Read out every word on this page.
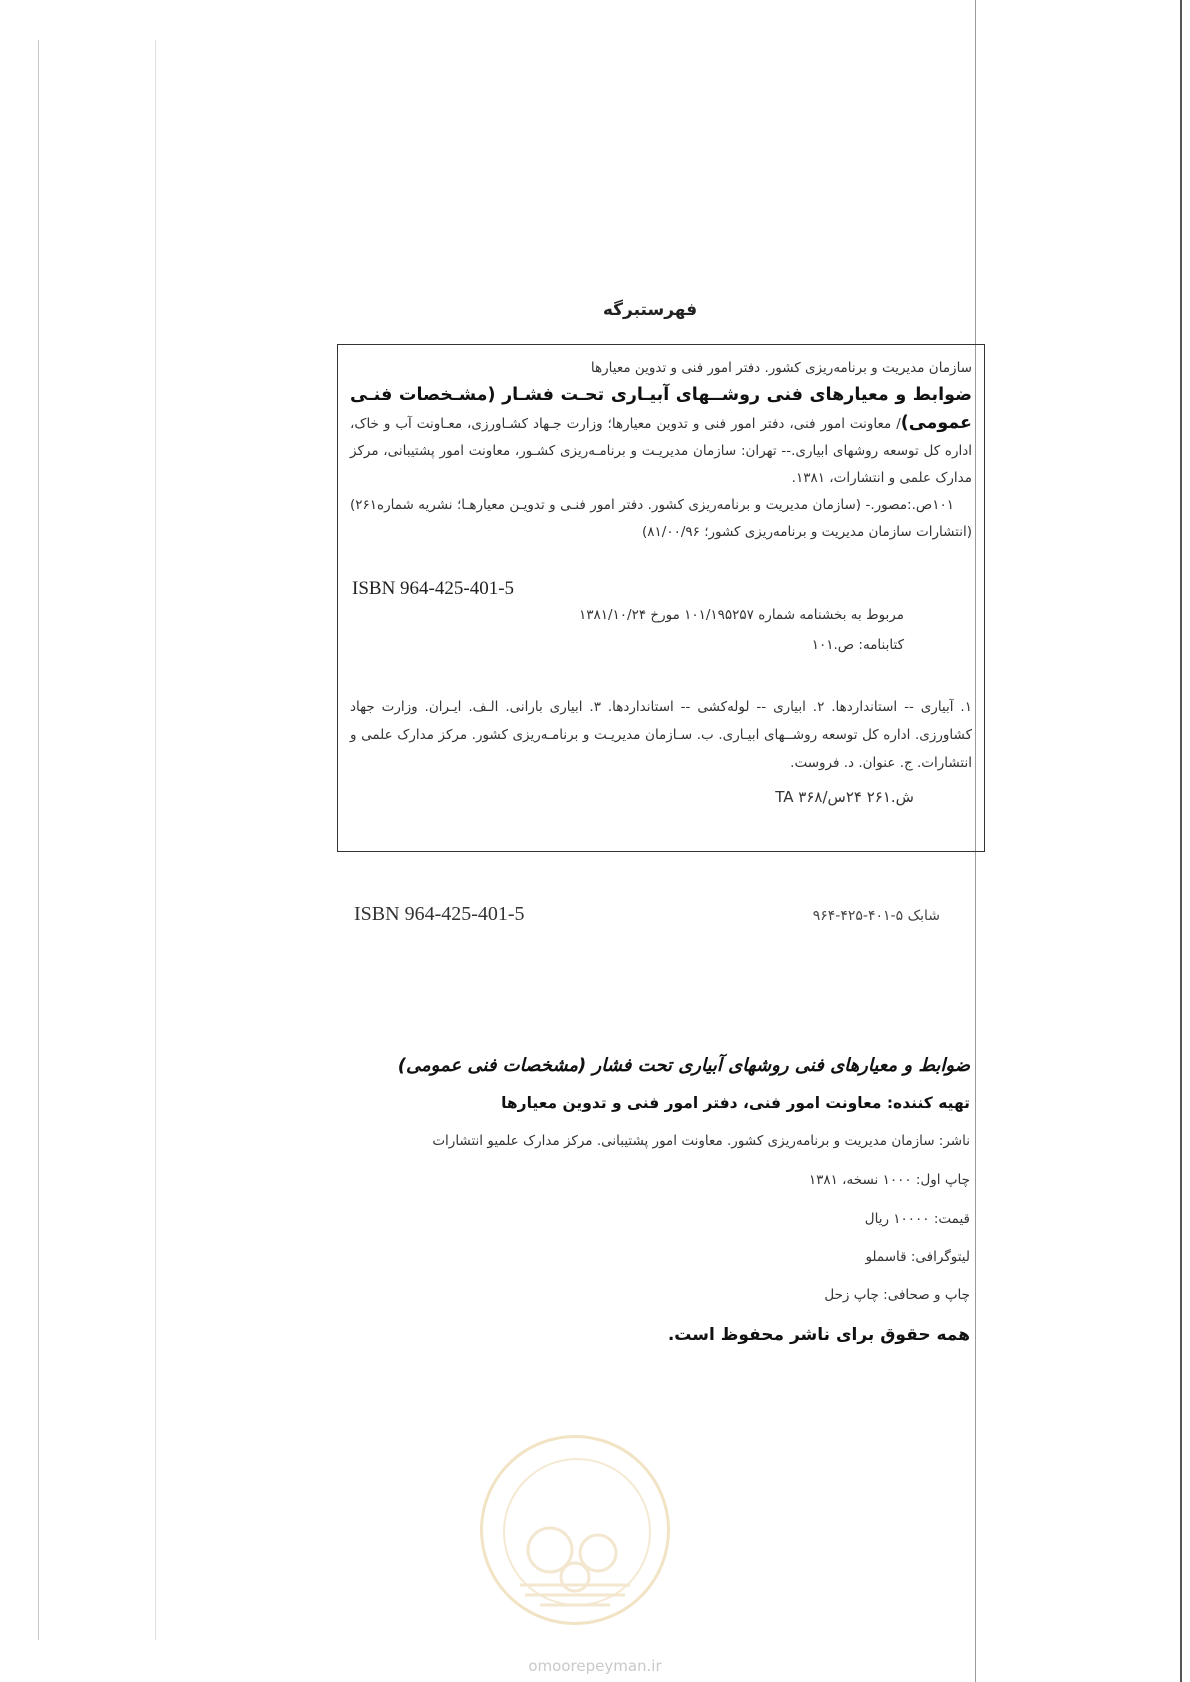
فهرستبرگه
سازمان مدیریت و برنامه‌ریزی کشور. دفتر امور فنی و تدوین معیارها
ضوابط و معیارهای فنی روشــهای آبیـاری تحـت فشـار (مشـخصات فنـی عمومی)/ معاونت امور فنی، دفتر امور فنی و تدوین معیارها؛ وزارت جـهاد کشـاورزی، معـاونت آب و خاک، اداره کل توسعه روشهای ابیاری.-- تهران: سازمان مدیریـت و برنامـه‌ریزی کشـور، معاونت امور پشتیبانی، مرکز مدارک علمی و انتشارات، ۱۳۸۱.
۱۰۱ص.:مصور.- (سازمان مدیریت و برنامه‌ریزی کشور. دفتر امور فنـی و تدویـن معیارهـا؛ نشریه شماره۲۶۱) (انتشارات سازمان مدیریت و برنامه‌ریزی کشور؛ ۸۱/۰۰/۹۶)
ISBN 964-425-401-5
مربوط به بخشنامه شماره ۱۰۱/۱۹۵۲۵۷ مورخ ۱۳۸۱/۱۰/۲۴
کتابنامه: ص.۱۰۱
۱. آبیاری -- استانداردها. ۲. ابیاری -- لوله‌کشی -- استانداردها. ۳. ابیاری بارانی. الـف. ایـران. وزارت جهاد کشاورزی. اداره کل توسعه روشــهای ابیـاری. ب. سـازمان مدیریـت و برنامـه‌ریزی کشور. مرکز مدارک علمی و انتشارات. ج. عنوان. د. فروست.
ش.۲۶۱ ۲۴س/۳۶۸ TA
ISBN 964-425-401-5	شابک ۵-۴۰۱-۴۲۵-۹۶۴
ضوابط و معیارهای فنی روشهای آبیاری تحت فشار (مشخصات فنی عمومی)
تهیه کننده: معاونت امور فنی، دفتر امور فنی و تدوین معیارها
ناشر: سازمان مدیریت و برنامه‌ریزی کشور. معاونت امور پشتیبانی. مرکز مدارک علمیو انتشارات
چاپ اول: ۱۰۰۰ نسخه، ۱۳۸۱
قیمت: ۱۰۰۰۰ ریال
لیتوگرافی: قاسملو
چاپ و صحافی: چاپ زحل
همه حقوق برای ناشر محفوظ است.
omoorepeyman.ir
